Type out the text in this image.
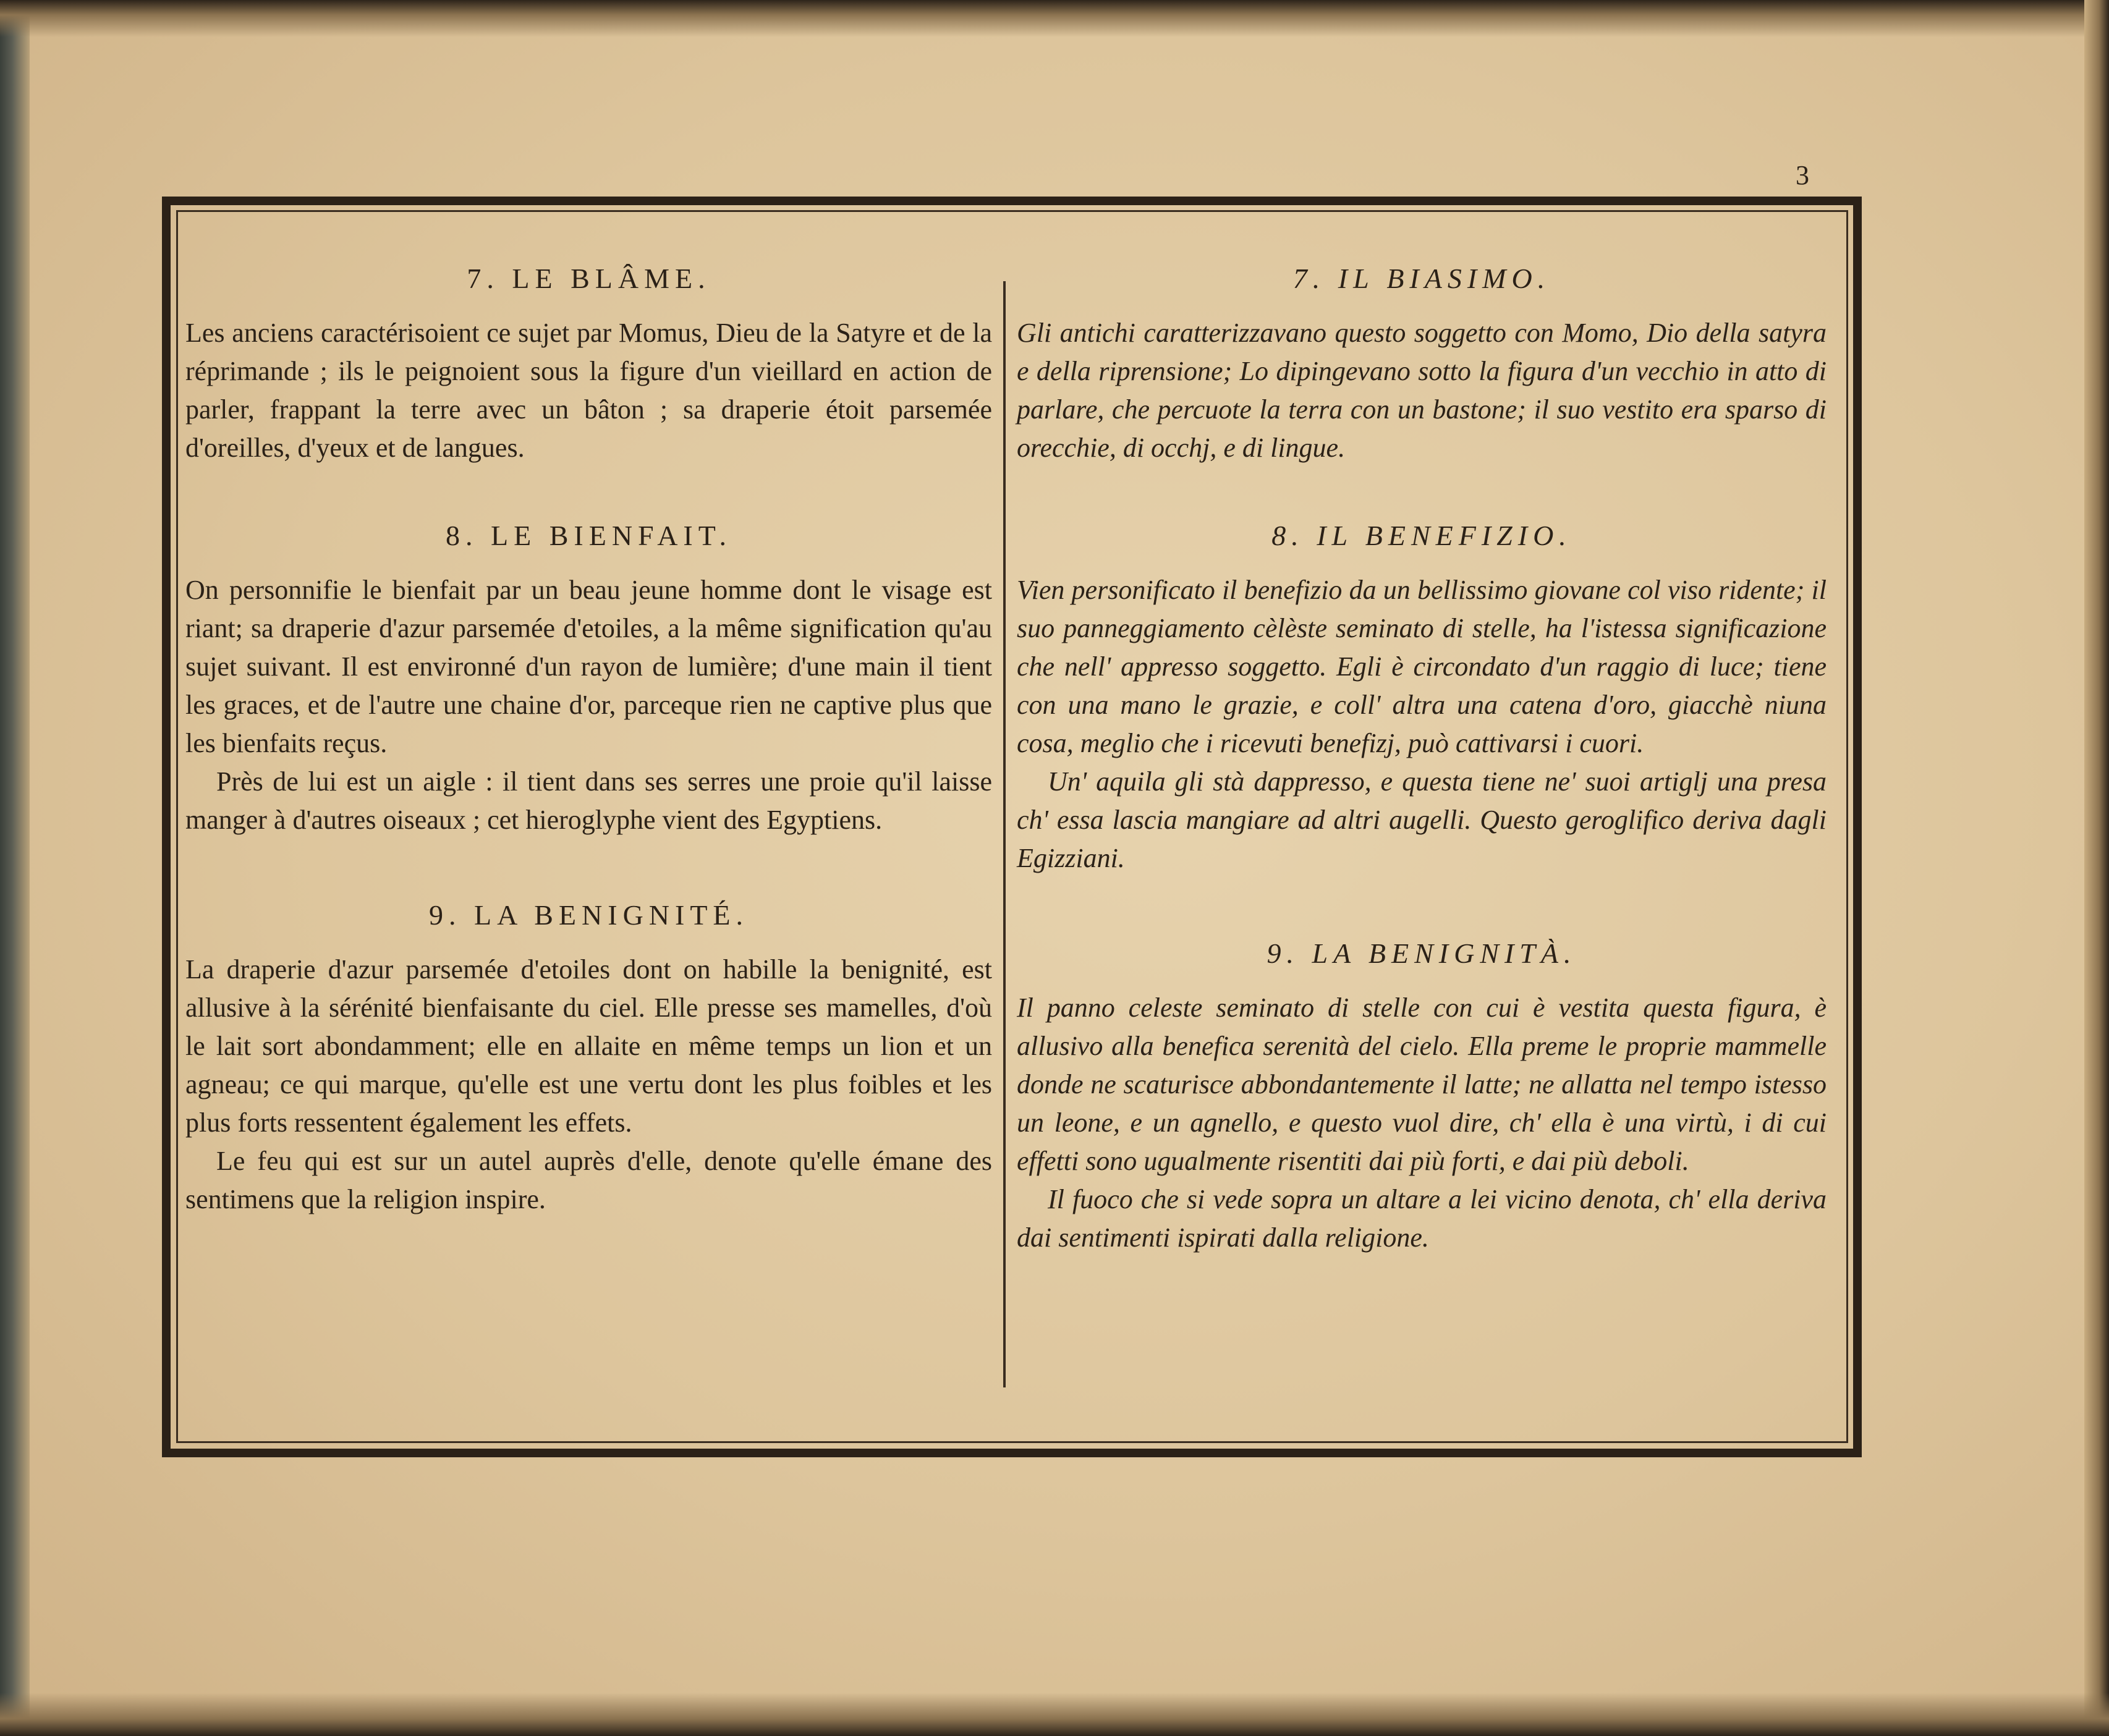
3

7. LE BLÂME.

Les anciens caractérisoient ce sujet par Momus, Dieu de la Satyre et de la réprimande ; ils le peignoient sous la figure d'un vieillard en action de parler, frappant la terre avec un bâton ; sa draperie étoit parsemée d'oreilles, d'yeux et de langues.

8. LE BIENFAIT.

On personnifie le bienfait par un beau jeune homme dont le visage est riant; sa draperie d'azur parsemée d'etoiles, a la même signification qu'au sujet suivant. Il est environné d'un rayon de lumière; d'une main il tient les graces, et de l'autre une chaine d'or, parceque rien ne captive plus que les bienfaits reçus.

Près de lui est un aigle : il tient dans ses serres une proie qu'il laisse manger à d'autres oiseaux ; cet hieroglyphe vient des Egyptiens.

9. LA BENIGNITÉ.

La draperie d'azur parsemée d'etoiles dont on habille la benignité, est allusive à la sérénité bienfaisante du ciel. Elle presse ses mamelles, d'où le lait sort abondamment; elle en allaite en même temps un lion et un agneau; ce qui marque, qu'elle est une vertu dont les plus foibles et les plus forts ressentent également les effets.

Le feu qui est sur un autel auprès d'elle, denote qu'elle émane des sentimens que la religion inspire.

7. IL BIASIMO.

Gli antichi caratterizzavano questo soggetto con Momo, Dio della satyra e della riprensione; Lo dipingevano sotto la figura d'un vecchio in atto di parlare, che percuote la terra con un bastone; il suo vestito era sparso di orecchie, di occhj, e di lingue.

8. IL BENEFIZIO.

Vien personificato il benefizio da un bellissimo giovane col viso ridente; il suo panneggiamento cèlèste seminato di stelle, ha l'istessa significazione che nell' appresso soggetto. Egli è circondato d'un raggio di luce; tiene con una mano le grazie, e coll' altra una catena d'oro, giacchè niuna cosa, meglio che i ricevuti benefizj, può cattivarsi i cuori.

Un' aquila gli stà dappresso, e questa tiene ne' suoi artiglj una presa ch' essa lascia mangiare ad altri augelli. Questo geroglifico deriva dagli Egizziani.

9. LA BENIGNITÀ.

Il panno celeste seminato di stelle con cui è vestita questa figura, è allusivo alla benefica serenità del cielo. Ella preme le proprie mammelle donde ne scaturisce abbondantemente il latte; ne allatta nel tempo istesso un leone, e un agnello, e questo vuol dire, ch' ella è una virtù, i di cui effetti sono ugualmente risentiti dai più forti, e dai più deboli.

Il fuoco che si vede sopra un altare a lei vicino denota, ch' ella deriva dai sentimenti ispirati dalla religione.
